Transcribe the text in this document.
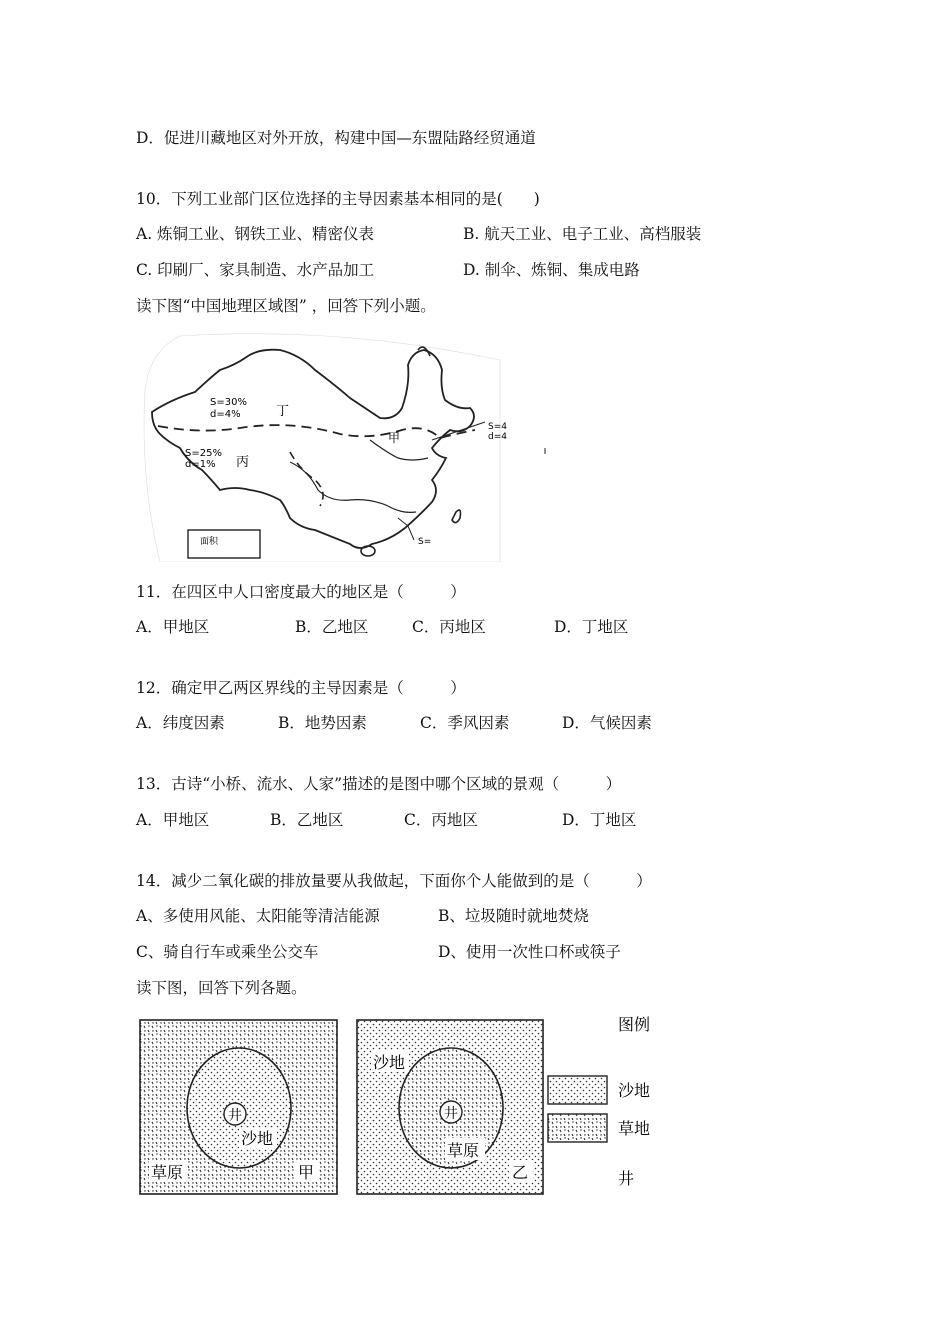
D．促进川藏地区对外开放，构建中国—东盟陆路经贸通道
10．下列工业部门区位选择的主导因素基本相同的是(　　)
A. 炼铜工业、钢铁工业、精密仪表	B. 航天工业、电子工业、高档服装
C. 印刷厂、家具制造、水产品加工	D. 制伞、炼铜、集成电路
读下图“中国地理区域图” ，回答下列小题。
面积
S=30%
d=4%	丁
甲
S=4
d=4
S=25%
d=1% 丙
S=
11．在四区中人口密度最大的地区是（　　　）
A．甲地区	B．乙地区	C．丙地区	D．丁地区
12．确定甲乙两区界线的主导因素是（　　　）
A．纬度因素	B．地势因素	C．季风因素	D．气候因素
13．古诗“小桥、流水、人家”描述的是图中哪个区域的景观（　　　）
A．甲地区	B．乙地区	C．丙地区	D．丁地区
14．减少二氧化碳的排放量要从我做起，下面你个人能做到的是（　　　）
A、多使用风能、太阳能等清洁能源	B、垃圾随时就地焚烧
C、骑自行车或乘坐公交车	D、使用一次性口杯或筷子
读下图，回答下列各题。
井
沙地
草原	甲
井
沙地
草原
乙
图例
沙地
草地
井
